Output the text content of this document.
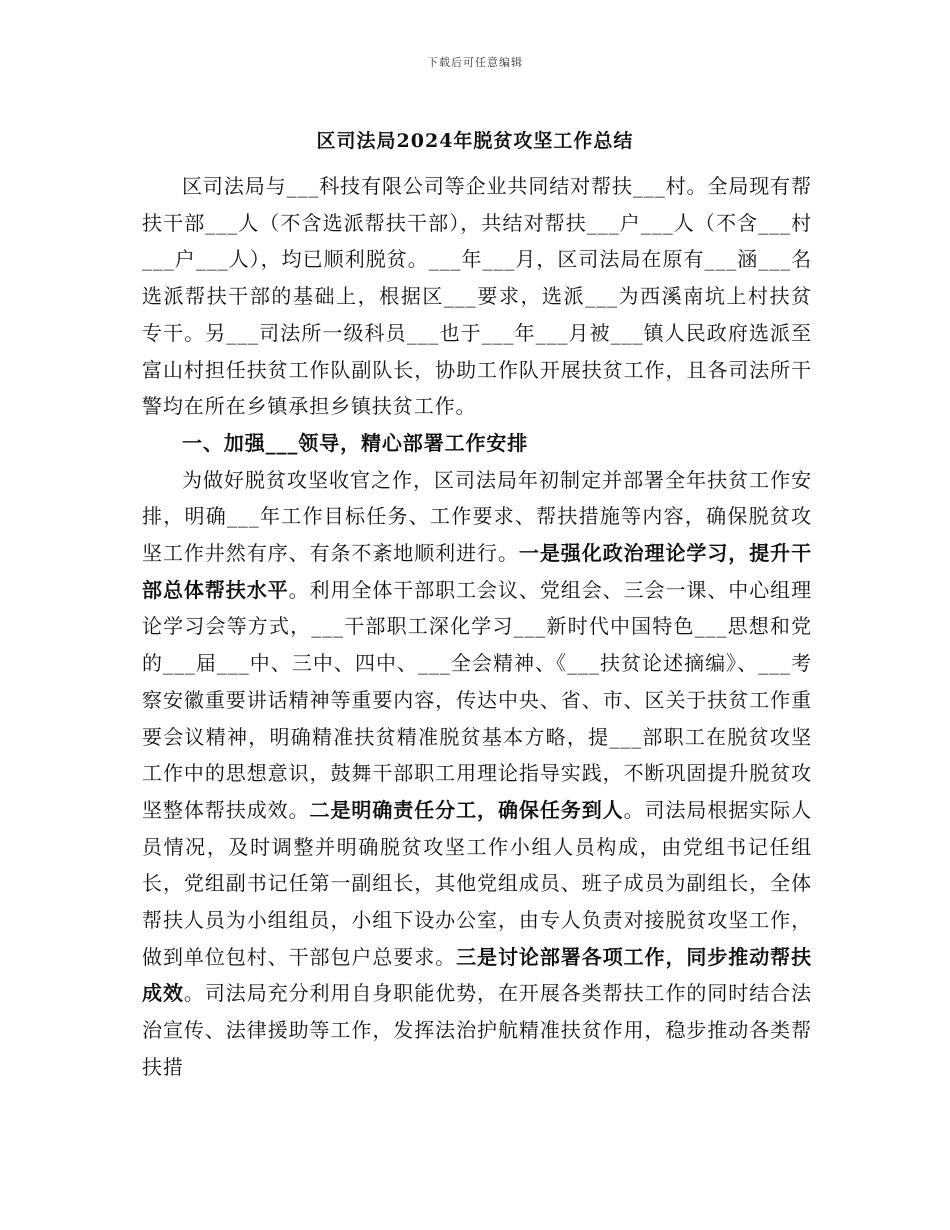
下载后可任意编辑
区司法局2024年脱贫攻坚工作总结

区司法局与___科技有限公司等企业共同结对帮扶___村。全局现有帮扶干部___人（不含选派帮扶干部），共结对帮扶___户___人（不含___村___户___人），均已顺利脱贫。___年___月，区司法局在原有___涵___名选派帮扶干部的基础上，根据区___要求，选派___为西溪南坑上村扶贫专干。另___司法所一级科员___也于___年___月被___镇人民政府选派至富山村担任扶贫工作队副队长，协助工作队开展扶贫工作，且各司法所干警均在所在乡镇承担乡镇扶贫工作。

一、加强___领导，精心部署工作安排

为做好脱贫攻坚收官之作，区司法局年初制定并部署全年扶贫工作安排，明确___年工作目标任务、工作要求、帮扶措施等内容，确保脱贫攻坚工作井然有序、有条不紊地顺利进行。一是强化政治理论学习，提升干部总体帮扶水平。利用全体干部职工会议、党组会、三会一课、中心组理论学习会等方式，___干部职工深化学习___新时代中国特色___思想和党的___届___中、三中、四中、___全会精神、《___扶贫论述摘编》、___考察安徽重要讲话精神等重要内容，传达中央、省、市、区关于扶贫工作重要会议精神，明确精准扶贫精准脱贫基本方略，提___部职工在脱贫攻坚工作中的思想意识，鼓舞干部职工用理论指导实践，不断巩固提升脱贫攻坚整体帮扶成效。二是明确责任分工，确保任务到人。司法局根据实际人员情况，及时调整并明确脱贫攻坚工作小组人员构成，由党组书记任组长，党组副书记任第一副组长，其他党组成员、班子成员为副组长，全体帮扶人员为小组组员，小组下设办公室，由专人负责对接脱贫攻坚工作，做到单位包村、干部包户总要求。三是讨论部署各项工作，同步推动帮扶成效。司法局充分利用自身职能优势，在开展各类帮扶工作的同时结合法治宣传、法律援助等工作，发挥法治护航精准扶贫作用，稳步推动各类帮扶措
